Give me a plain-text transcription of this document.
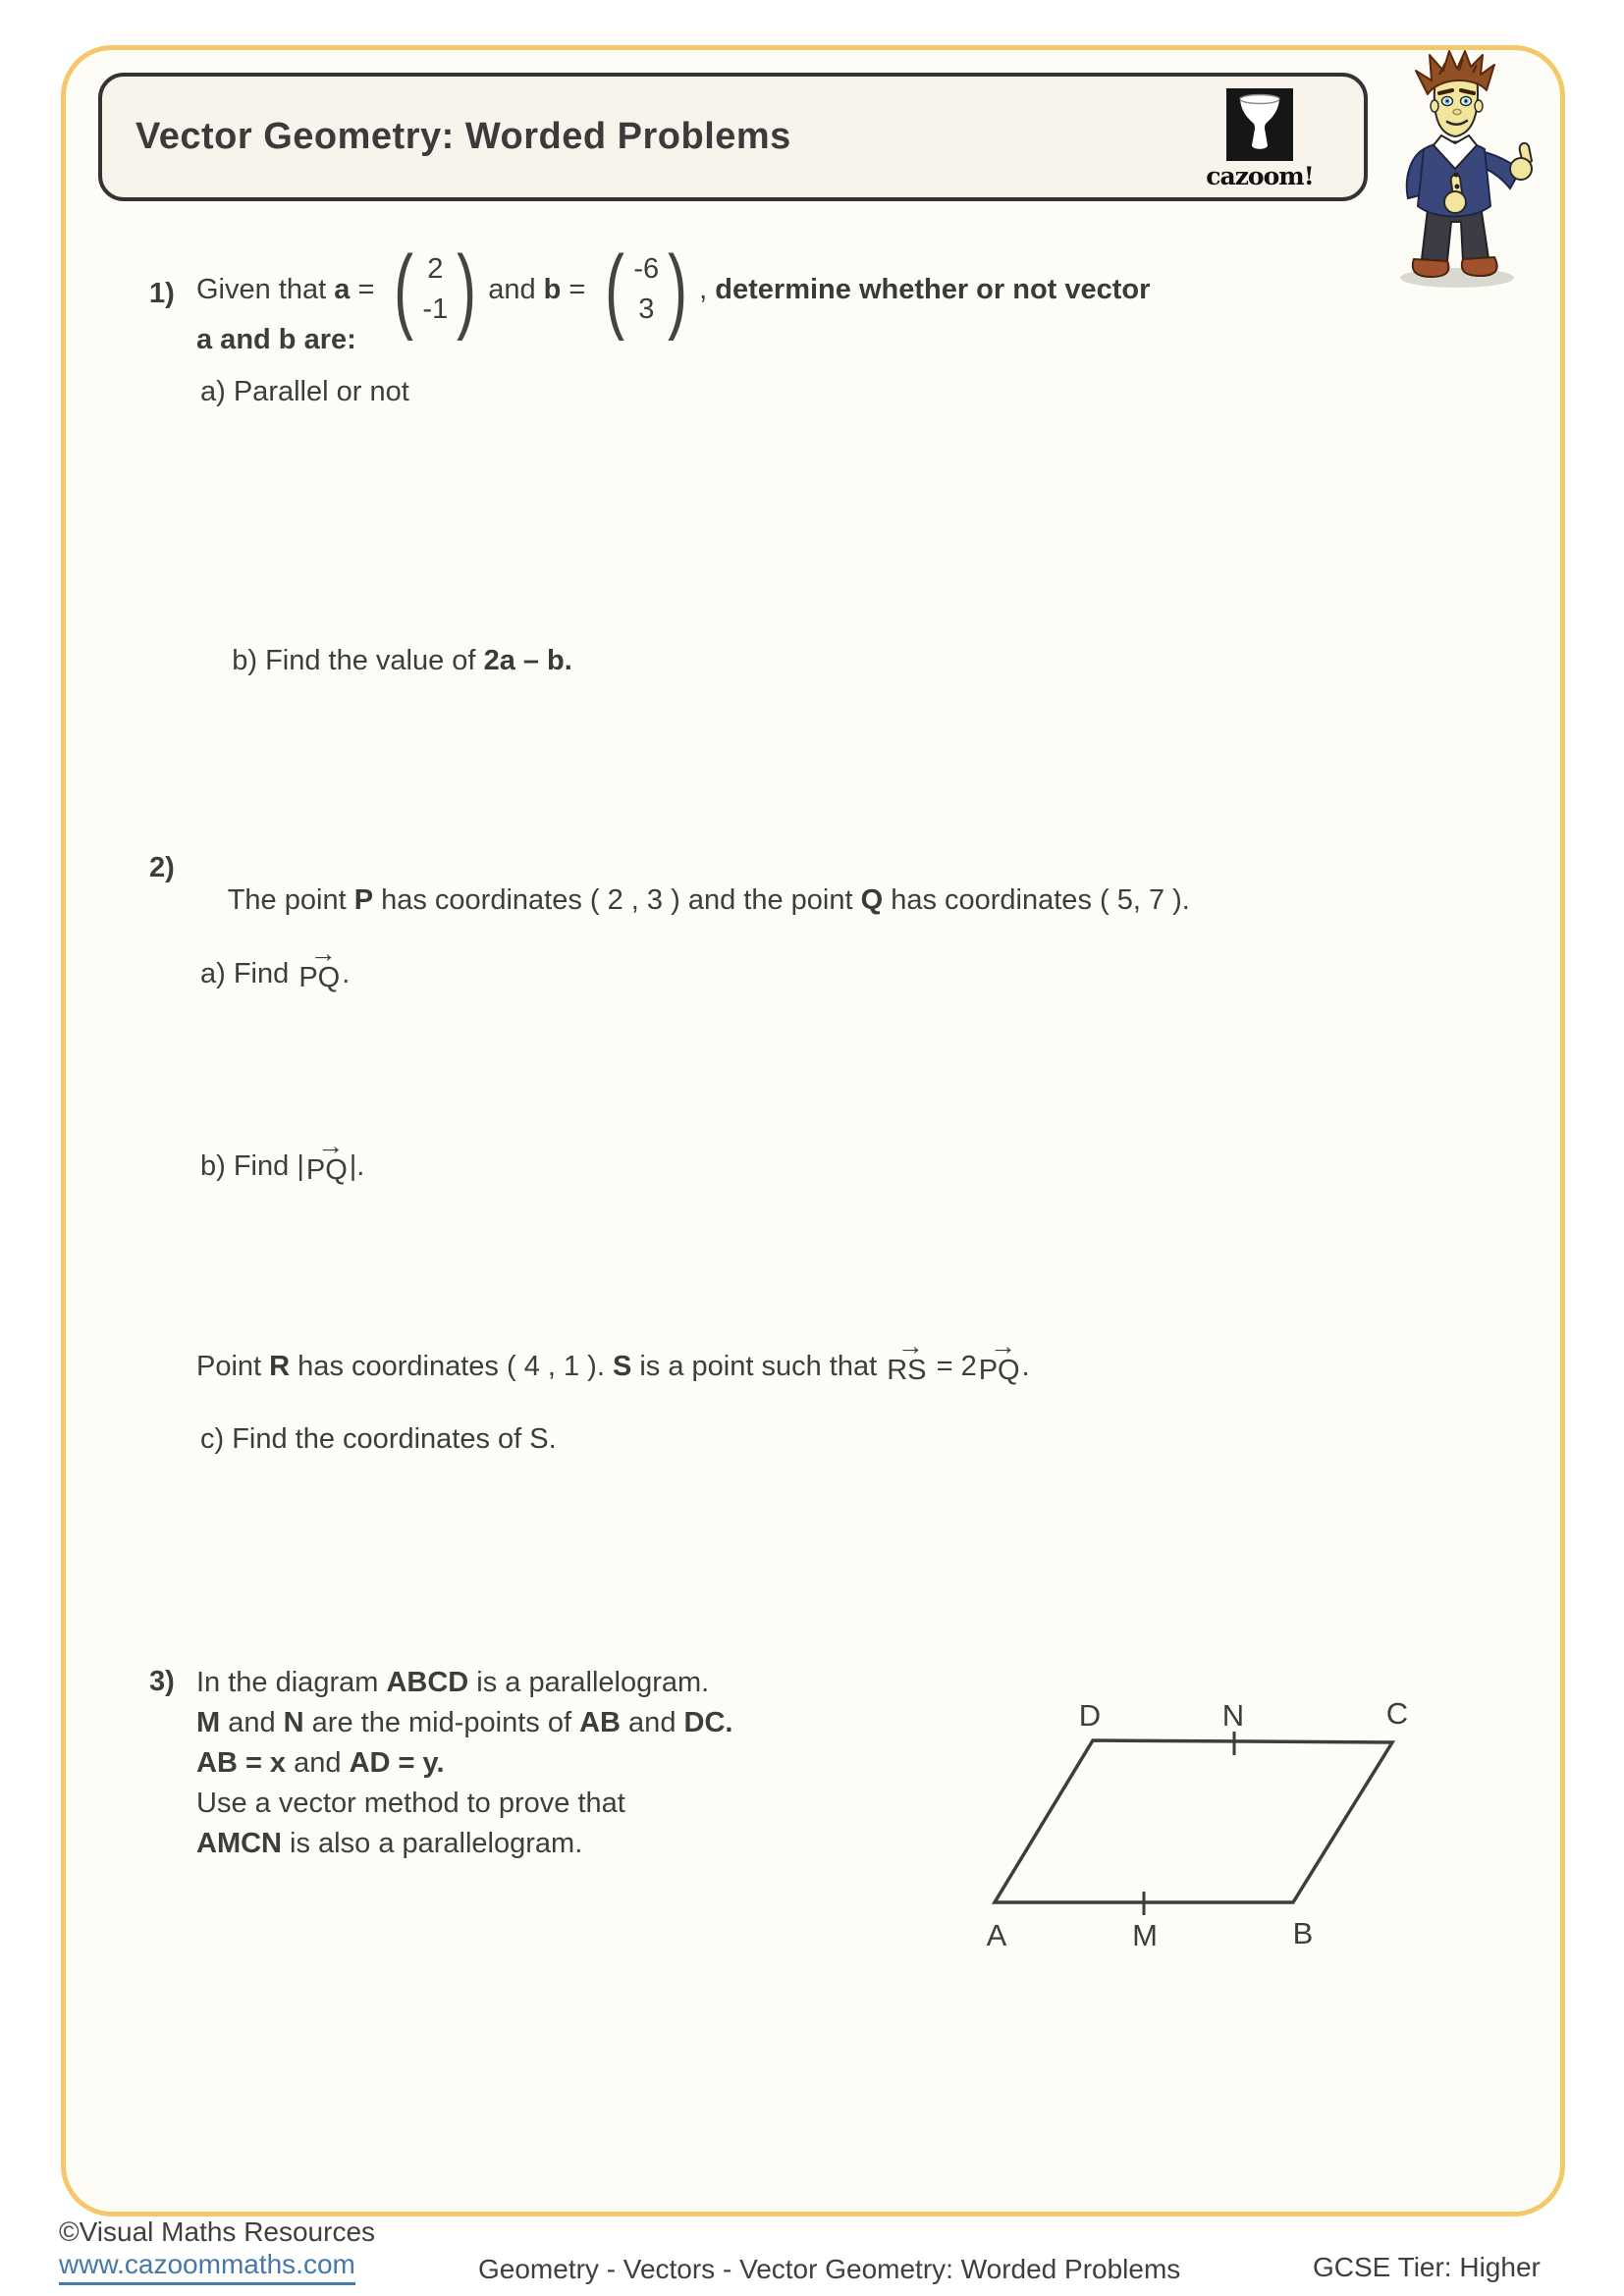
Vector Geometry: Worded Problems
cazoom!
1) Given that a = ( 2
-1 ) and b = ( -6
3 ) , determine whether or not vector
a and b are:
a) Parallel or not

b) Find the value of 2a – b.

2)

The point P has coordinates ( 2 , 3 ) and the point Q has coordinates ( 5, 7 ).

a) Find
→
PQ .
b) Find |
→
PQ |.
Point R has coordinates ( 4 , 1 ). S is a point such that
→
RS = 2
→
PQ .
c) Find the coordinates of S.
3) In the diagram ABCD is a parallelogram.
M and N are the mid-points of AB and DC.
AB = x and AD = y.
Use a vector method to prove that
AMCN is also a parallelogram.
D	N	C
A	M	B
©Visual Maths Resources
www.cazoommaths.com	Geometry - Vectors - Vector Geometry: Worded Problems	GCSE Tier: Higher
